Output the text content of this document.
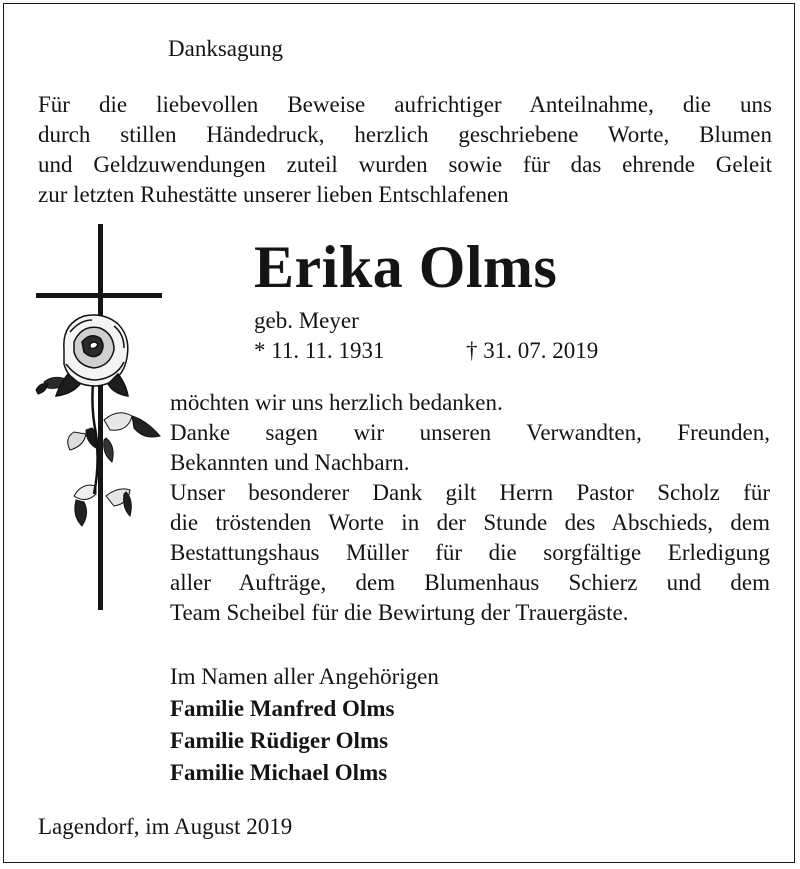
Danksagung

Für die liebevollen Beweise aufrichtiger Anteilnahme, die uns
durch stillen Händedruck, herzlich geschriebene Worte, Blumen
und Geldzuwendungen zuteil wurden sowie für das ehrende Geleit
zur letzten Ruhestätte unserer lieben Entschlafenen

Erika Olms

geb. Meyer

* 11. 11. 1931	† 31. 07. 2019

möchten wir uns herzlich bedanken.
Danke sagen wir unseren Verwandten, Freunden,
Bekannten und Nachbarn.
Unser besonderer Dank gilt Herrn Pastor Scholz für
die tröstenden Worte in der Stunde des Abschieds, dem
Bestattungshaus Müller für die sorgfältige Erledigung
aller Aufträge, dem Blumenhaus Schierz und dem
Team Scheibel für die Bewirtung der Trauergäste.

Im Namen aller Angehörigen

Familie Manfred Olms

Familie Rüdiger Olms

Familie Michael Olms

Lagendorf, im August 2019
